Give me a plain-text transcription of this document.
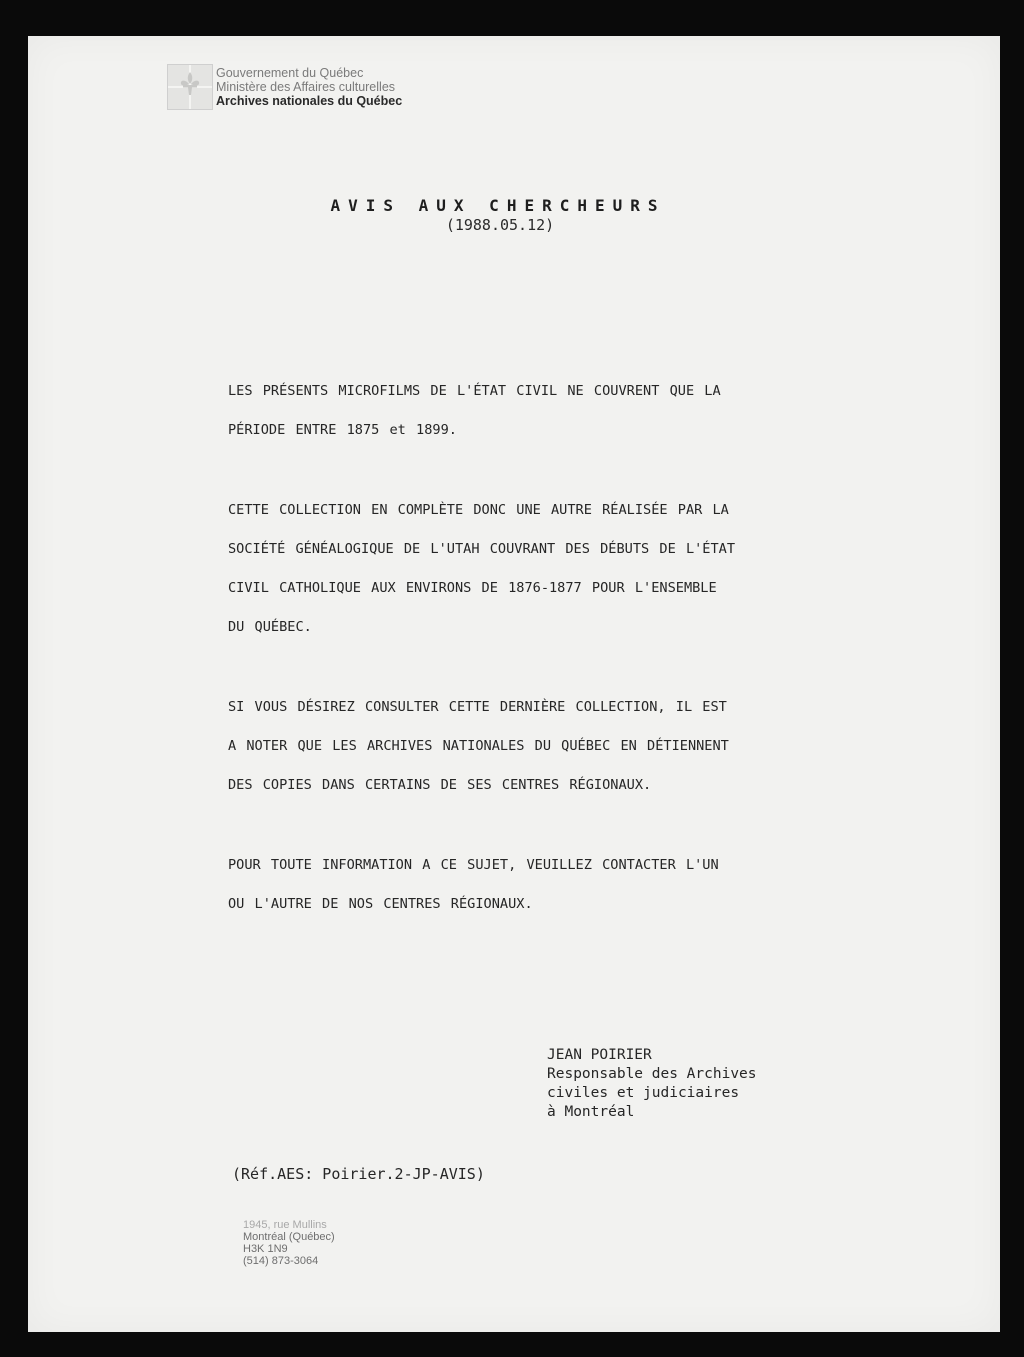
Gouvernement du Québec
Ministère des Affaires culturelles
Archives nationales du Québec
AVIS AUX CHERCHEURS
(1988.05.12)
LES PRÉSENTS MICROFILMS DE L'ÉTAT CIVIL NE COUVRENT QUE LA
PÉRIODE ENTRE 1875 et 1899.
CETTE COLLECTION EN COMPLÈTE DONC UNE AUTRE RÉALISÉE PAR LA
SOCIÉTÉ GÉNÉALOGIQUE DE L'UTAH COUVRANT DES DÉBUTS DE L'ÉTAT
CIVIL CATHOLIQUE AUX ENVIRONS DE 1876-1877 POUR L'ENSEMBLE
DU QUÉBEC.
SI VOUS DÉSIREZ CONSULTER CETTE DERNIÈRE COLLECTION, IL EST
A NOTER QUE LES ARCHIVES NATIONALES DU QUÉBEC EN DÉTIENNENT
DES COPIES DANS CERTAINS DE SES CENTRES RÉGIONAUX.
POUR TOUTE INFORMATION A CE SUJET, VEUILLEZ CONTACTER L'UN
OU L'AUTRE DE NOS CENTRES RÉGIONAUX.
JEAN POIRIER
Responsable des Archives
civiles et judiciaires
à Montréal
(Réf.AES: Poirier.2-JP-AVIS)
1945, rue Mullins
Montréal (Québec)
H3K 1N9
(514) 873-3064
